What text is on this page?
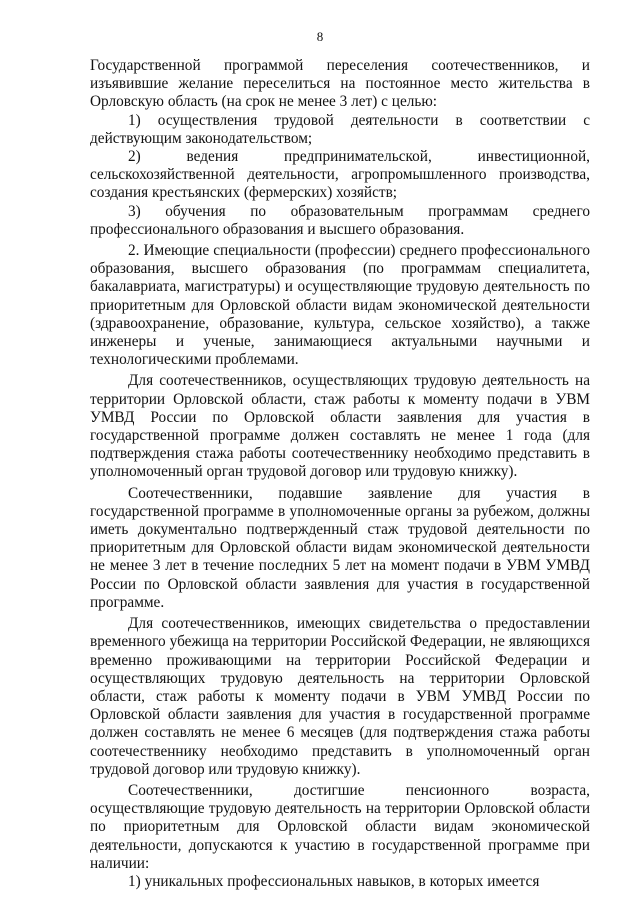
8

Государственной программой переселения соотечественников, и изъявившие желание переселиться на постоянное место жительства в Орловскую область (на срок не менее 3 лет) с целью:

1) осуществления трудовой деятельности в соответствии с действующим законодательством;

2) ведения предпринимательской, инвестиционной, сельскохозяйственной деятельности, агропромышленного производства, создания крестьянских (фермерских) хозяйств;

3) обучения по образовательным программам среднего профессионального образования и высшего образования.

2. Имеющие специальности (профессии) среднего профессионального образования, высшего образования (по программам специалитета, бакалавриата, магистратуры) и осуществляющие трудовую деятельность по приоритетным для Орловской области видам экономической деятельности (здравоохранение, образование, культура, сельское хозяйство), а также инженеры и ученые, занимающиеся актуальными научными и технологическими проблемами.

Для соотечественников, осуществляющих трудовую деятельность на территории Орловской области, стаж работы к моменту подачи в УВМ УМВД России по Орловской области заявления для участия в государственной программе должен составлять не менее 1 года (для подтверждения стажа работы соотечественнику необходимо представить в уполномоченный орган трудовой договор или трудовую книжку).

Соотечественники, подавшие заявление для участия в государственной программе в уполномоченные органы за рубежом, должны иметь документально подтвержденный стаж трудовой деятельности по приоритетным для Орловской области видам экономической деятельности не менее 3 лет в течение последних 5 лет на момент подачи в УВМ УМВД России по Орловской области заявления для участия в государственной программе.

Для соотечественников, имеющих свидетельства о предоставлении временного убежища на территории Российской Федерации, не являющихся временно проживающими на территории Российской Федерации и осуществляющих трудовую деятельность на территории Орловской области, стаж работы к моменту подачи в УВМ УМВД России по Орловской области заявления для участия в государственной программе должен составлять не менее 6 месяцев (для подтверждения стажа работы соотечественнику необходимо представить в уполномоченный орган трудовой договор или трудовую книжку).

Соотечественники, достигшие пенсионного возраста, осуществляющие трудовую деятельность на территории Орловской области по приоритетным для Орловской области видам экономической деятельности, допускаются к участию в государственной программе при наличии:

1) уникальных профессиональных навыков, в которых имеется
